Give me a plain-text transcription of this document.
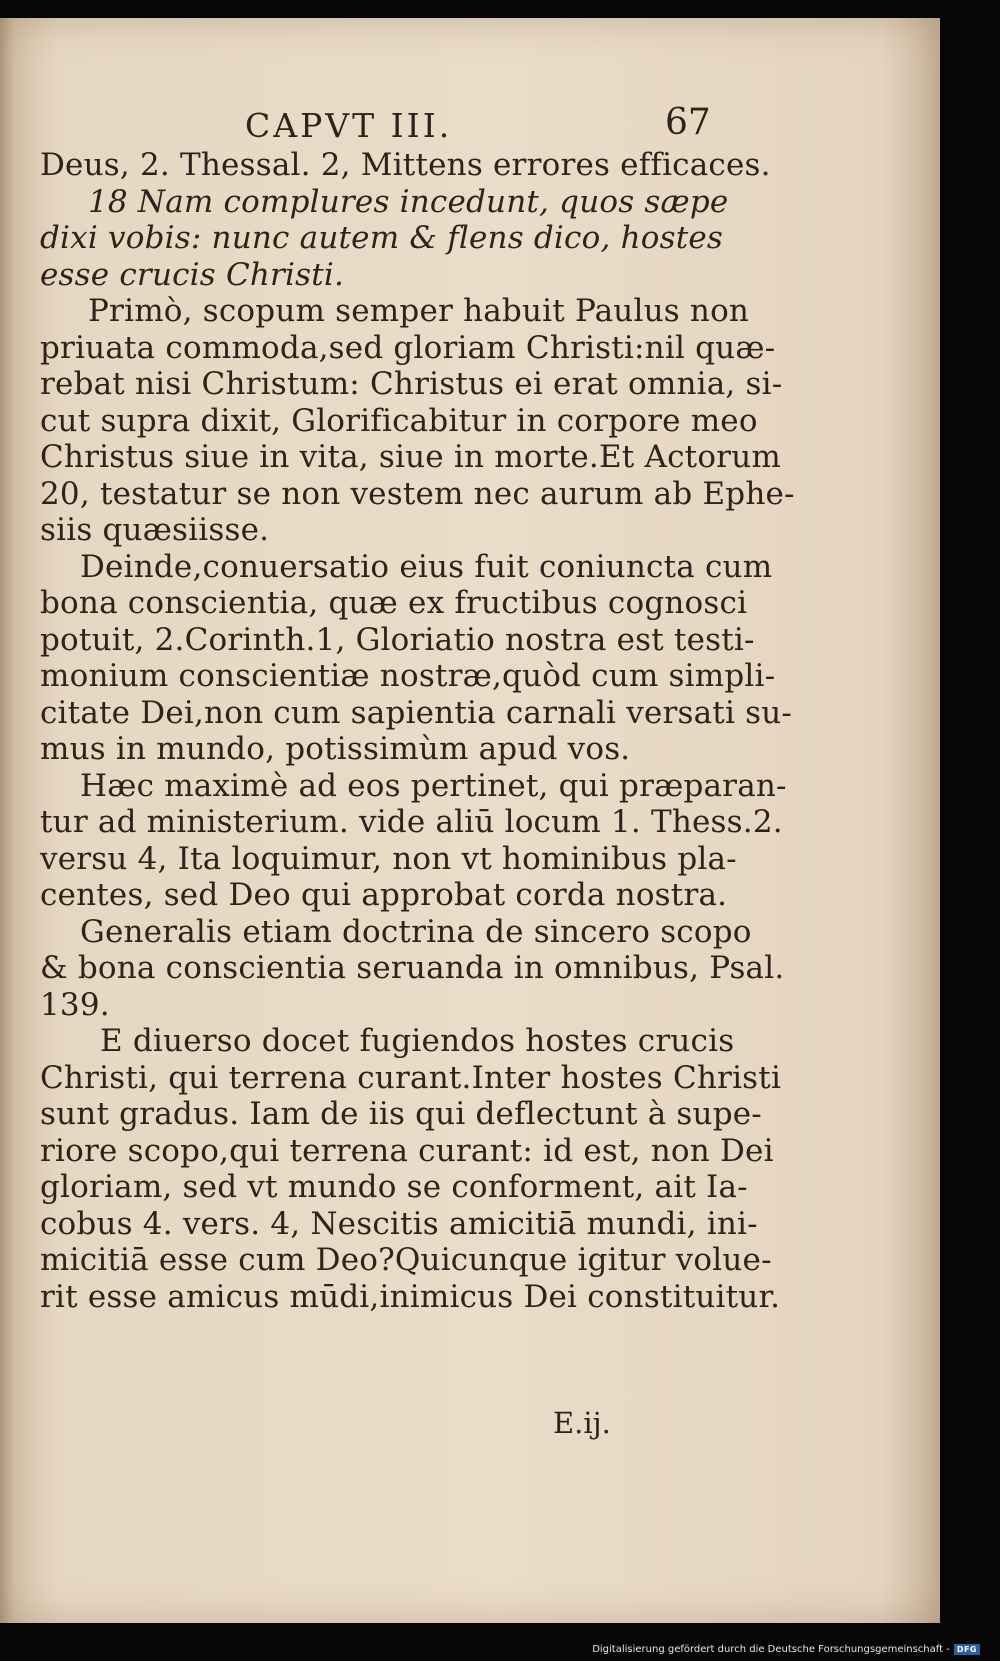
CAPVT III.	67
Deus, 2. Thessal. 2, Mittens errores efficaces.
18 Nam complures incedunt, quos sæpe
dixi vobis: nunc autem & flens dico, hostes
esse crucis Christi.
Primò, scopum semper habuit Paulus non
priuata commoda,sed gloriam Christi:nil quæ-
rebat nisi Christum: Christus ei erat omnia, si-
cut supra dixit, Glorificabitur in corpore meo
Christus siue in vita, siue in morte.Et Actorum
20, testatur se non vestem nec aurum ab Ephe-
siis quæsiisse.
Deinde,conuersatio eius fuit coniuncta cum
bona conscientia, quæ ex fructibus cognosci
potuit, 2.Corinth.1, Gloriatio nostra est testi-
monium conscientiæ nostræ,quòd cum simpli-
citate Dei,non cum sapientia carnali versati su-
mus in mundo, potissimùm apud vos.
Hæc maximè ad eos pertinet, qui præparan-
tur ad ministerium. vide aliū locum 1. Thess.2.
versu 4, Ita loquimur, non vt hominibus pla-
centes, sed Deo qui approbat corda nostra.
Generalis etiam doctrina de sincero scopo
& bona conscientia seruanda in omnibus, Psal.
139.
E diuerso docet fugiendos hostes crucis
Christi, qui terrena curant.Inter hostes Christi
sunt gradus. Iam de iis qui deflectunt à supe-
riore scopo,qui terrena curant: id est, non Dei
gloriam, sed vt mundo se conforment, ait Ia-
cobus 4. vers. 4, Nescitis amicitiā mundi, ini-
micitiā esse cum Deo?Quicunque igitur volue-
rit esse amicus mūdi,inimicus Dei constituitur.
E.ij.
Digitalisierung gefördert durch die Deutsche Forschungsgemeinschaft - DFG
